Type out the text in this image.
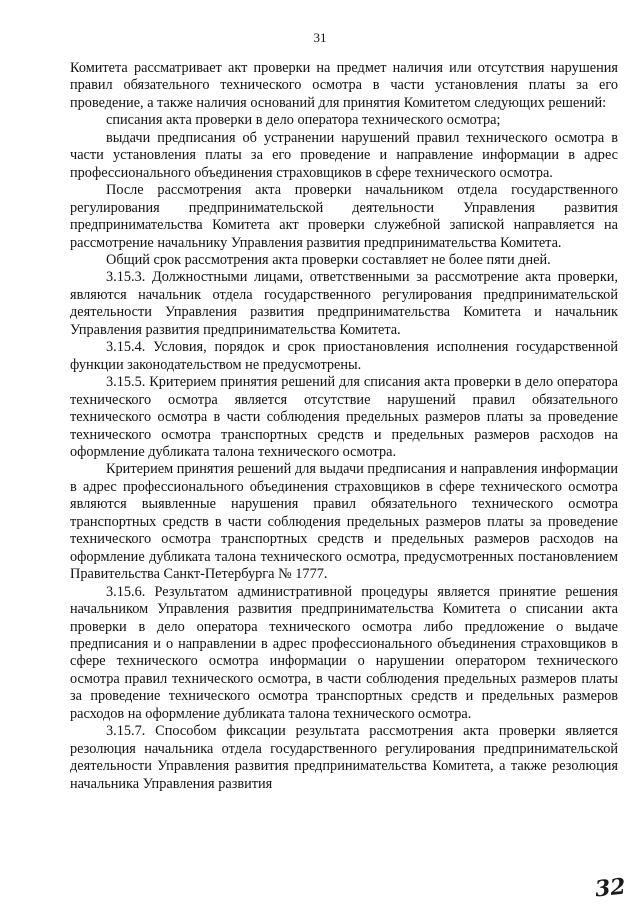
31

Комитета рассматривает акт проверки на предмет наличия или отсутствия нарушения правил обязательного технического осмотра в части установления платы за его проведение, а также наличия оснований для принятия Комитетом следующих решений:

списания акта проверки в дело оператора технического осмотра;

выдачи предписания об устранении нарушений правил технического осмотра в части установления платы за его проведение и направление информации в адрес профессионального объединения страховщиков в сфере технического осмотра.

После рассмотрения акта проверки начальником отдела государственного регулирования предпринимательской деятельности Управления развития предпринимательства Комитета акт проверки служебной запиской направляется на рассмотрение начальнику Управления развития предпринимательства Комитета.

Общий срок рассмотрения акта проверки составляет не более пяти дней.

3.15.3. Должностными лицами, ответственными за рассмотрение акта проверки, являются начальник отдела государственного регулирования предпринимательской деятельности Управления развития предпринимательства Комитета и начальник Управления развития предпринимательства Комитета.

3.15.4. Условия, порядок и срок приостановления исполнения государственной функции законодательством не предусмотрены.

3.15.5. Критерием принятия решений для списания акта проверки в дело оператора технического осмотра является отсутствие нарушений правил обязательного технического осмотра в части соблюдения предельных размеров платы за проведение технического осмотра транспортных средств и предельных размеров расходов на оформление дубликата талона технического осмотра.

Критерием принятия решений для выдачи предписания и направления информации в адрес профессионального объединения страховщиков в сфере технического осмотра являются выявленные нарушения правил обязательного технического осмотра транспортных средств в части соблюдения предельных размеров платы за проведение технического осмотра транспортных средств и предельных размеров расходов на оформление дубликата талона технического осмотра, предусмотренных постановлением Правительства Санкт-Петербурга № 1777.

3.15.6. Результатом административной процедуры является принятие решения начальником Управления развития предпринимательства Комитета о списании акта проверки в дело оператора технического осмотра либо предложение о выдаче предписания и о направлении в адрес профессионального объединения страховщиков в сфере технического осмотра информации о нарушении оператором технического осмотра правил технического осмотра, в части соблюдения предельных размеров платы за проведение технического осмотра транспортных средств и предельных размеров расходов на оформление дубликата талона технического осмотра.

3.15.7. Способом фиксации результата рассмотрения акта проверки является резолюция начальника отдела государственного регулирования предпринимательской деятельности Управления развития предпринимательства Комитета, а также резолюция начальника Управления развития

32
